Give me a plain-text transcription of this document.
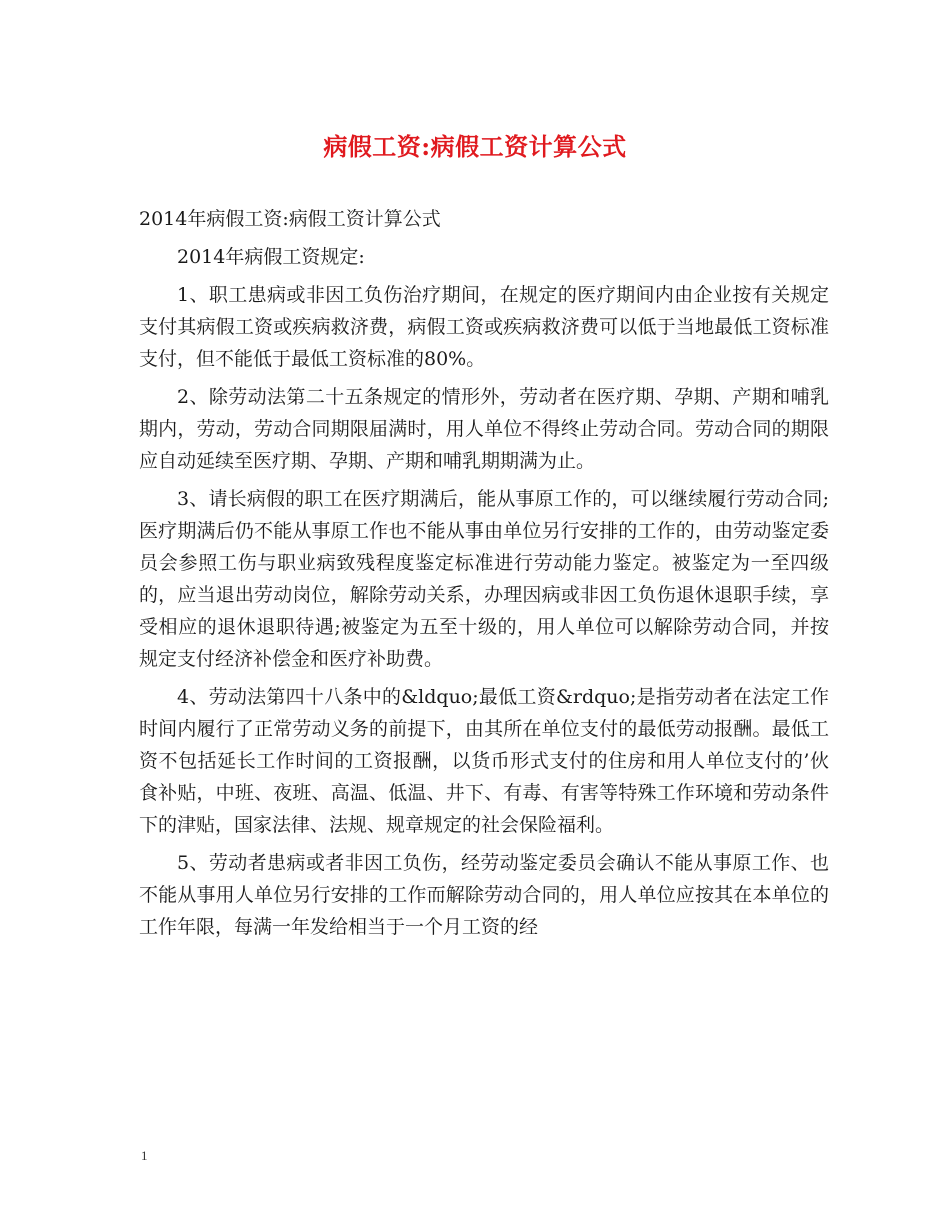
病假工资:病假工资计算公式

2014年病假工资:病假工资计算公式

2014年病假工资规定:

1、职工患病或非因工负伤治疗期间，在规定的医疗期间内由企业按有关规定支付其病假工资或疾病救济费，病假工资或疾病救济费可以低于当地最低工资标准支付，但不能低于最低工资标准的80%。

2、除劳动法第二十五条规定的情形外，劳动者在医疗期、孕期、产期和哺乳期内，劳动，劳动合同期限届满时，用人单位不得终止劳动合同。劳动合同的期限应自动延续至医疗期、孕期、产期和哺乳期期满为止。

3、请长病假的职工在医疗期满后，能从事原工作的，可以继续履行劳动合同;医疗期满后仍不能从事原工作也不能从事由单位另行安排的工作的，由劳动鉴定委员会参照工伤与职业病致残程度鉴定标准进行劳动能力鉴定。被鉴定为一至四级的，应当退出劳动岗位，解除劳动关系，办理因病或非因工负伤退休退职手续，享受相应的退休退职待遇;被鉴定为五至十级的，用人单位可以解除劳动合同，并按规定支付经济补偿金和医疗补助费。

4、劳动法第四十八条中的&ldquo;最低工资&rdquo;是指劳动者在法定工作时间内履行了正常劳动义务的前提下，由其所在单位支付的最低劳动报酬。最低工资不包括延长工作时间的工资报酬，以货币形式支付的住房和用人单位支付的’伙食补贴，中班、夜班、高温、低温、井下、有毒、有害等特殊工作环境和劳动条件下的津贴，国家法律、法规、规章规定的社会保险福利。

5、劳动者患病或者非因工负伤，经劳动鉴定委员会确认不能从事原工作、也不能从事用人单位另行安排的工作而解除劳动合同的，用人单位应按其在本单位的工作年限，每满一年发给相当于一个月工资的经

1
